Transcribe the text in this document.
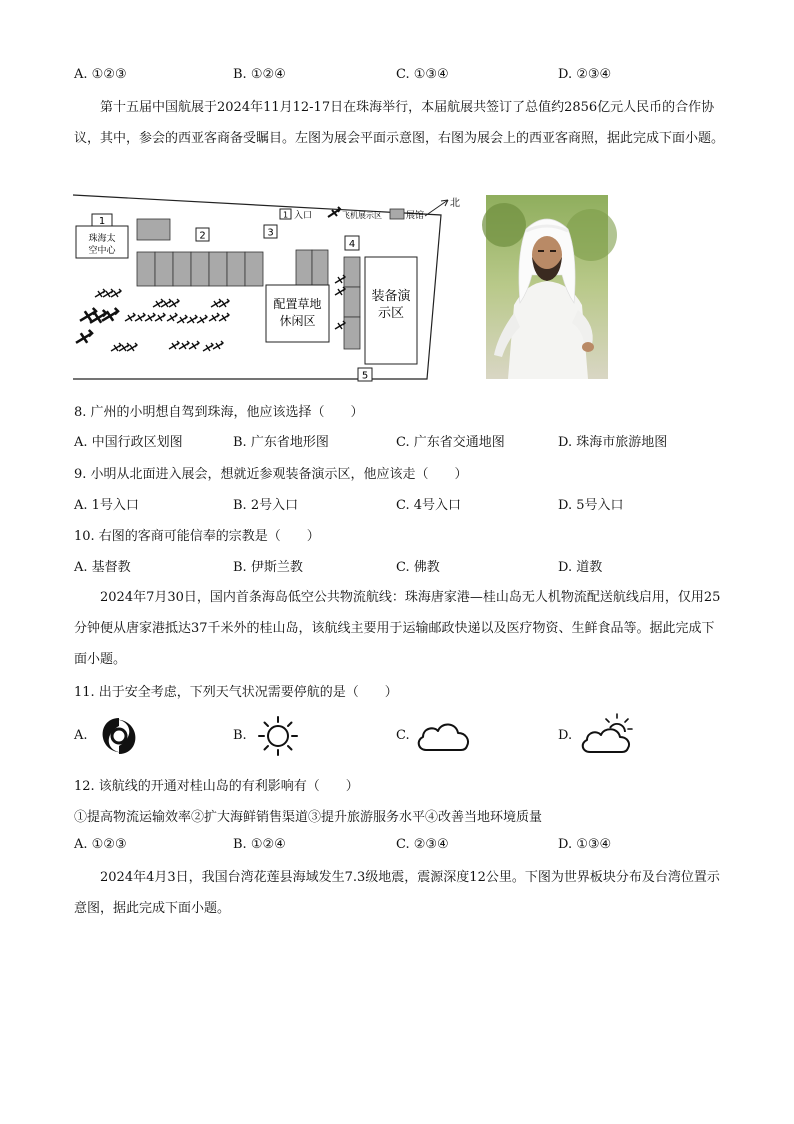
A. ①②③	B. ①②④	C. ①③④	D. ②③④
第十五届中国航展于2024年11月12-17日在珠海举行，本届航展共签订了总值约2856亿元人民币的合作协议，其中，参会的西亚客商备受瞩目。左图为展会平面示意图，右图为展会上的西亚客商照，据此完成下面小题。
珠海太
空中心
1
2	3
4
配置草地
休闲区
装备演
示区
5
1 入口	飞机展示区	展馆
北
8. 广州的小明想自驾到珠海，他应该选择（　　）
A. 中国行政区划图	B. 广东省地形图	C. 广东省交通地图	D. 珠海市旅游地图
9. 小明从北面进入展会，想就近参观装备演示区，他应该走（　　）
A. 1号入口	B. 2号入口	C. 4号入口	D. 5号入口
10. 右图的客商可能信奉的宗教是（　　）
A. 基督教	B. 伊斯兰教	C. 佛教	D. 道教
2024年7月30日，国内首条海岛低空公共物流航线：珠海唐家港—桂山岛无人机物流配送航线启用，仅用25分钟便从唐家港抵达37千米外的桂山岛，该航线主要用于运输邮政快递以及医疗物资、生鲜食品等。据此完成下面小题。
11. 出于安全考虑，下列天气状况需要停航的是（　　）
A.	B.	C.	D.
12. 该航线的开通对桂山岛的有利影响有（　　）
①提高物流运输效率②扩大海鲜销售渠道③提升旅游服务水平④改善当地环境质量
A. ①②③	B. ①②④	C. ②③④	D. ①③④
2024年4月3日，我国台湾花莲县海域发生7.3级地震，震源深度12公里。下图为世界板块分布及台湾位置示意图，据此完成下面小题。
